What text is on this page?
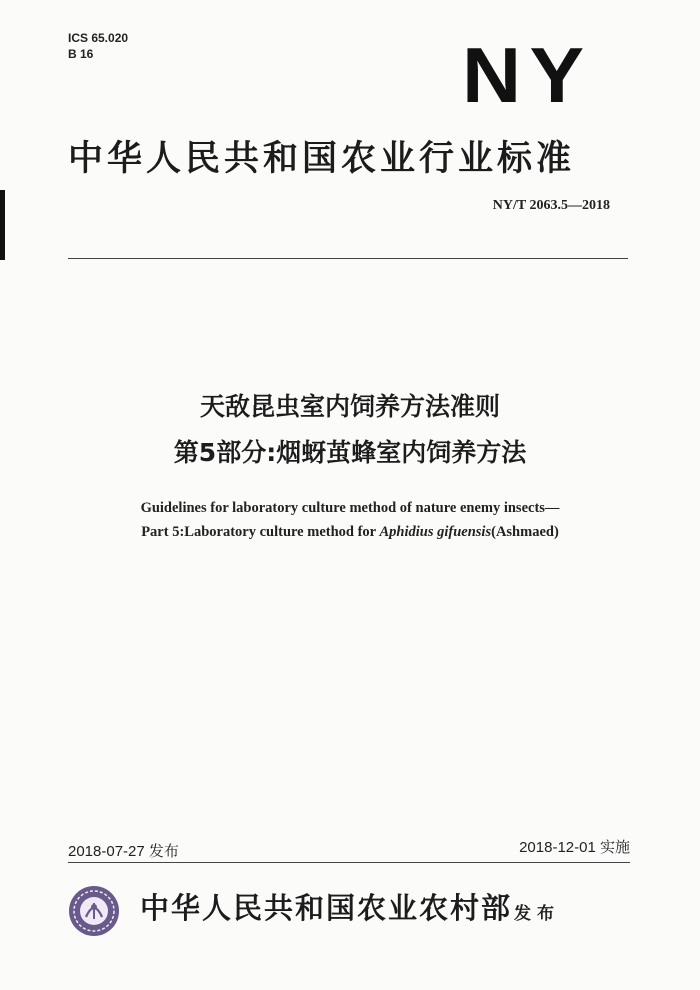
ICS 65.020
B 16	NY
中华人民共和国农业行业标准
NY/T 2063.5—2018
天敌昆虫室内饲养方法准则
第5部分:烟蚜茧蜂室内饲养方法
Guidelines for laboratory culture method of nature enemy insects—
Part 5:Laboratory culture method for Aphidius gifuensis(Ashmaed)
2018-07-27 发布	2018-12-01 实施
中华人民共和国农业农村部 发布
